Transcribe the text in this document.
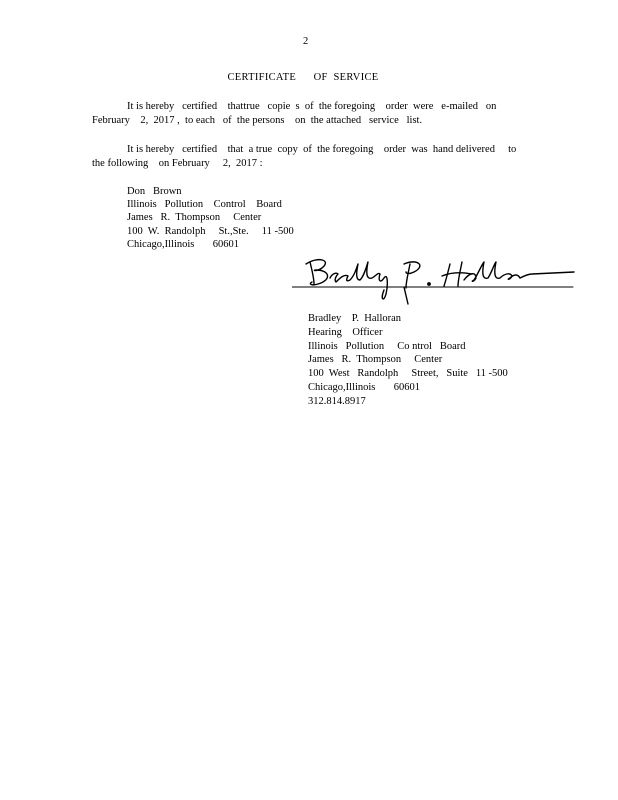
2
CERTIFICATE      OF  SERVICE

It is hereby   certified    thattrue   copie  s  of  the foregoing    order  were   e-mailed   on

February    2,  2017 ,  to each   of  the persons    on  the attached   service   list.

It is hereby   certified    that  a true  copy  of  the foregoing    order  was  hand delivered     to

the following    on February     2,  2017 :

Don   Brown
Illinois   Pollution    Control    Board
James   R.  Thompson     Center
100  W.  Randolph     St.,Ste.     11 -500
Chicago,Illinois       60601
Bradley    P.  Halloran
Hearing    Officer
Illinois   Pollution     Co ntrol   Board
James   R.  Thompson     Center
100  West   Randolph     Street,   Suite   11 -500
Chicago,Illinois       60601
312.814.8917
